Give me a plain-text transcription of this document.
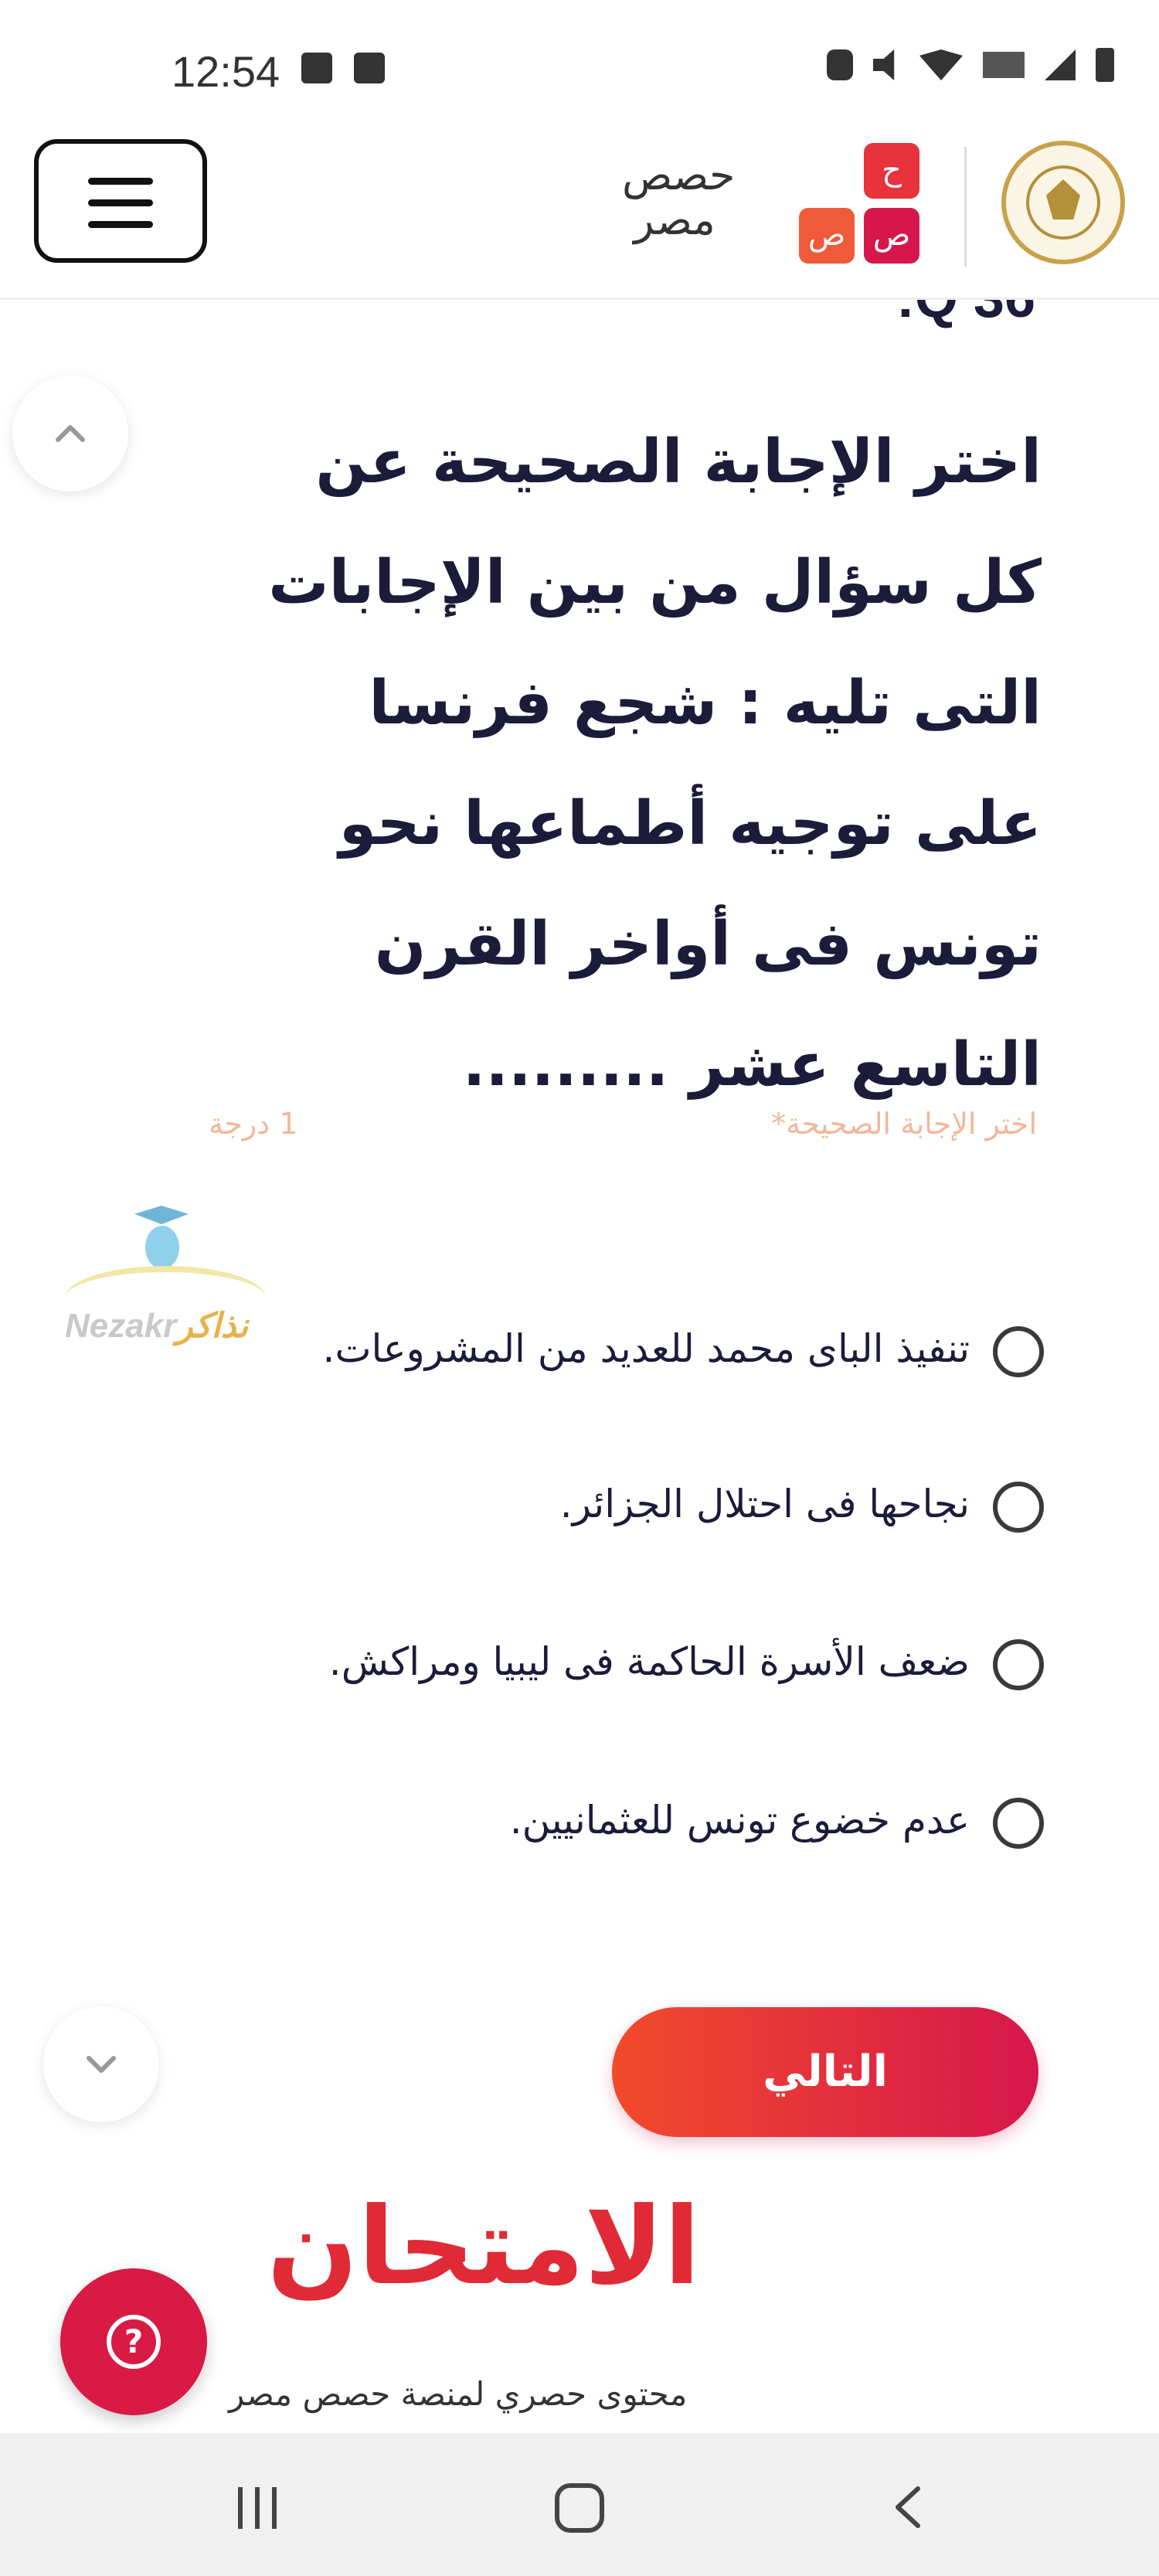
12:54
حصص
مصر
ح
ص
ص
اختر الإجابة الصحيحة عن كل سؤال من بين الإجابات التى تليه : شجع فرنسا على توجيه أطماعها نحو تونس فى أواخر القرن التاسع عشر .........
اختر الإجابة الصحيحة*
1 درجة
Nezakrنذاكر
تنفيذ الباى محمد للعديد من المشروعات.
نجاحها فى احتلال الجزائر.
ضعف الأسرة الحاكمة فى ليبيا ومراكش.
عدم خضوع تونس للعثمانيين.
التالي
الامتحان
?
محتوى حصري لمنصة حصص مصر
